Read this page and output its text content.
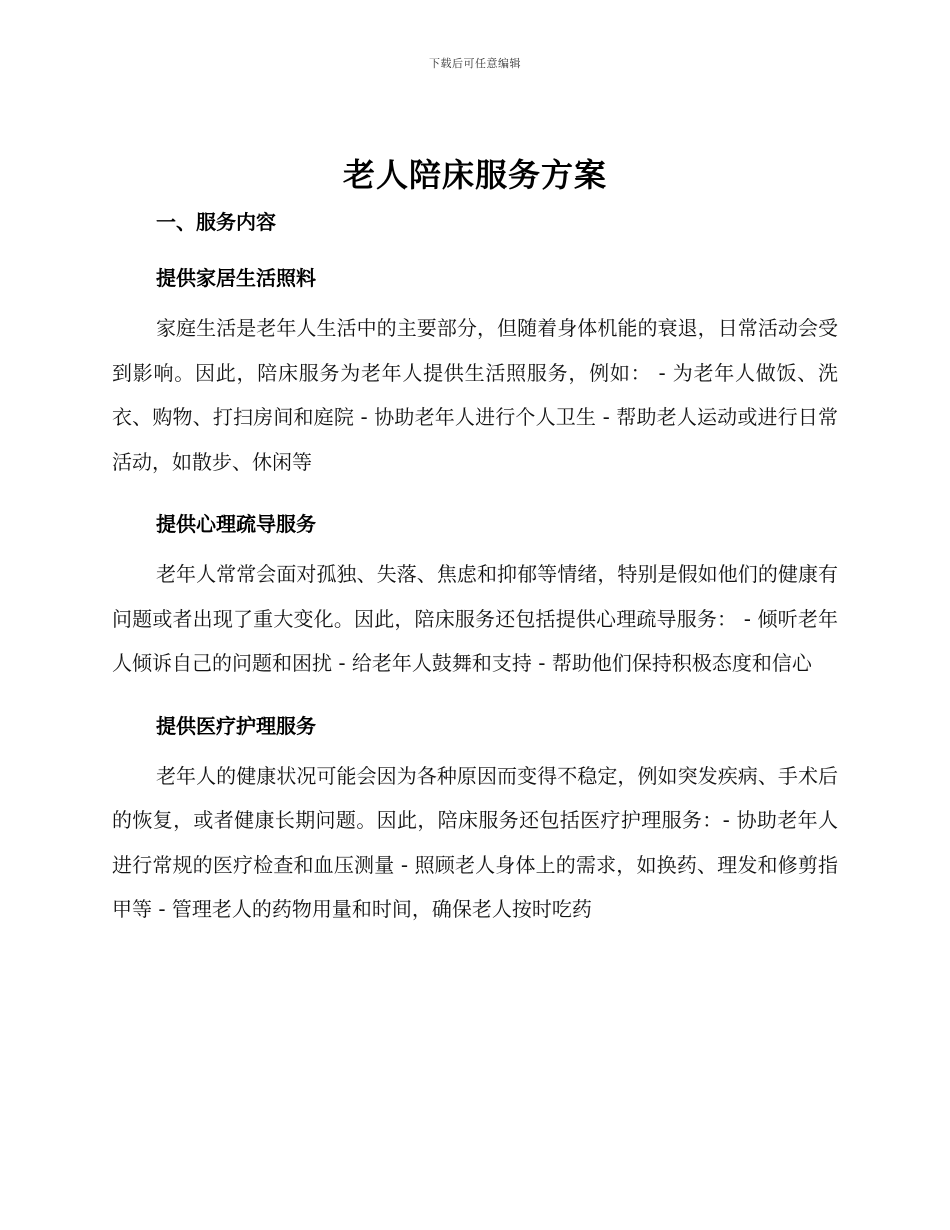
下载后可任意编辑
老人陪床服务方案
一、服务内容
提供家居生活照料

家庭生活是老年人生活中的主要部分，但随着身体机能的衰退，日常活动会受到影响。因此，陪床服务为老年人提供生活照服务，例如： - 为老年人做饭、洗衣、购物、打扫房间和庭院 - 协助老年人进行个人卫生 - 帮助老人运动或进行日常活动，如散步、休闲等

提供心理疏导服务

老年人常常会面对孤独、失落、焦虑和抑郁等情绪，特别是假如他们的健康有问题或者出现了重大变化。因此，陪床服务还包括提供心理疏导服务： - 倾听老年人倾诉自己的问题和困扰 - 给老年人鼓舞和支持 - 帮助他们保持积极态度和信心

提供医疗护理服务

老年人的健康状况可能会因为各种原因而变得不稳定，例如突发疾病、手术后的恢复，或者健康长期问题。因此，陪床服务还包括医疗护理服务：- 协助老年人进行常规的医疗检查和血压测量 - 照顾老人身体上的需求，如换药、理发和修剪指甲等 - 管理老人的药物用量和时间，确保老人按时吃药
